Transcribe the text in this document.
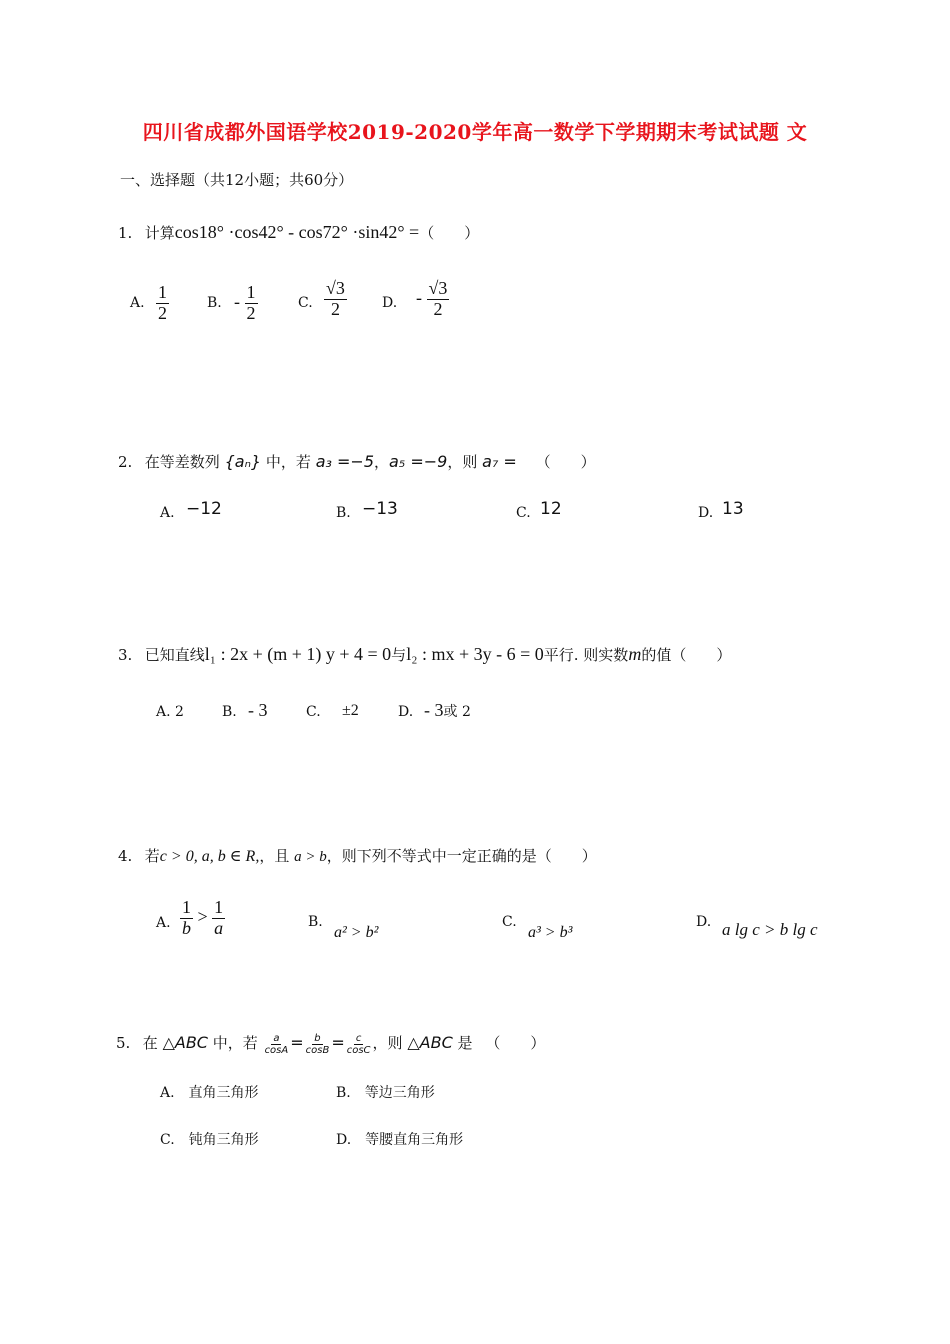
四川省成都外国语学校2019-2020学年高一数学下学期期末考试试题 文
一、选择题（共12小题；共60分）
1. 计算cos18° ·cos42° - cos72° ·sin42° =（　　）
A. $\frac{1}{2}$	B. - $\frac{1}{2}$	C. $\frac{√3}{2}$	D. - $\frac{√3}{2}$
2. 在等差数列 {aₙ} 中，若 a₃ =−5，a₅ =−9，则 a₇ = （　　）
A. −12	B. −13	C. 12	D. 13
3. 已知直线l₁ : 2x + (m + 1) y + 4 = 0与l₂ : mx + 3y - 6 = 0平行. 则实数m的值（　　）
A. 2	B. - 3	C. ±2	D. - 3或 2
4. 若c > 0, a, b ∈ R,，且 a > b，则下列不等式中一定正确的是（　　）
A. $\frac{1}{b} > \frac{1}{a}$	B.
a² > b²
C.
a³ > b³
D. a lg c > b lg c
5. 在 △ABC 中，若 $\frac{a}{\cos A} = \frac{b}{\cos B} = \frac{c}{\cos C}$ ，则 △ABC 是 （　　）
A.　直角三角形	B.　等边三角形
C.　钝角三角形	D.　等腰直角三角形
